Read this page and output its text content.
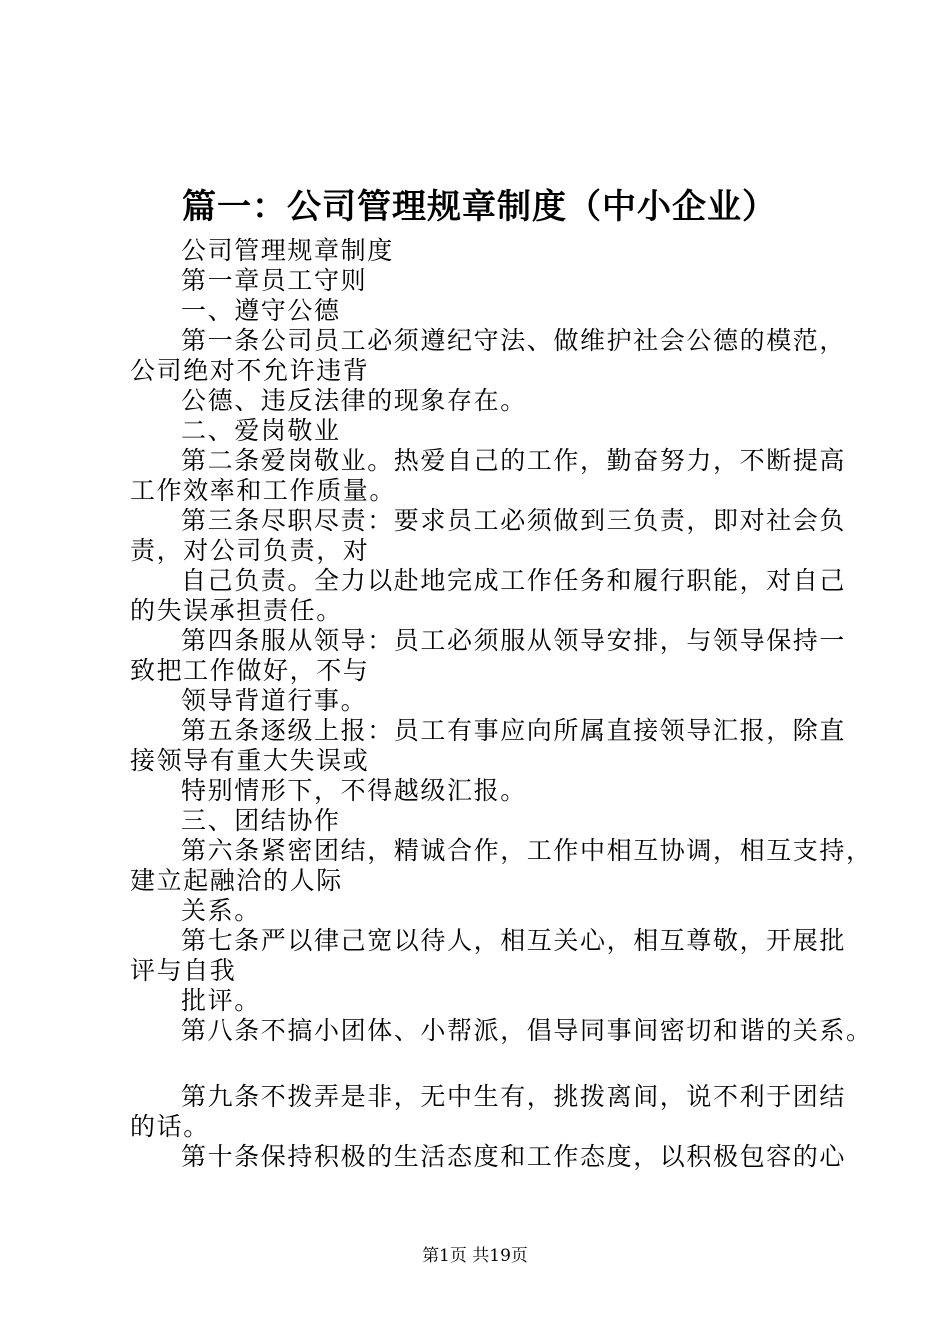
篇一：公司管理规章制度（中小企业）
公司管理规章制度
第一章员工守则
一、遵守公德
第一条公司员工必须遵纪守法、做维护社会公德的模范，
公司绝对不允许违背
公德、违反法律的现象存在。
二、爱岗敬业
第二条爱岗敬业。热爱自己的工作，勤奋努力，不断提高
工作效率和工作质量。
第三条尽职尽责：要求员工必须做到三负责，即对社会负
责，对公司负责，对
自己负责。全力以赴地完成工作任务和履行职能，对自己
的失误承担责任。
第四条服从领导：员工必须服从领导安排，与领导保持一
致把工作做好，不与
领导背道行事。
第五条逐级上报：员工有事应向所属直接领导汇报，除直
接领导有重大失误或
特别情形下，不得越级汇报。
三、团结协作
第六条紧密团结，精诚合作，工作中相互协调，相互支持，
建立起融洽的人际
关系。
第七条严以律己宽以待人，相互关心，相互尊敬，开展批
评与自我
批评。
第八条不搞小团体、小帮派，倡导同事间密切和谐的关系。
第九条不拨弄是非，无中生有，挑拨离间，说不利于团结
的话。
第十条保持积极的生活态度和工作态度，以积极包容的心
第1页 共19页
